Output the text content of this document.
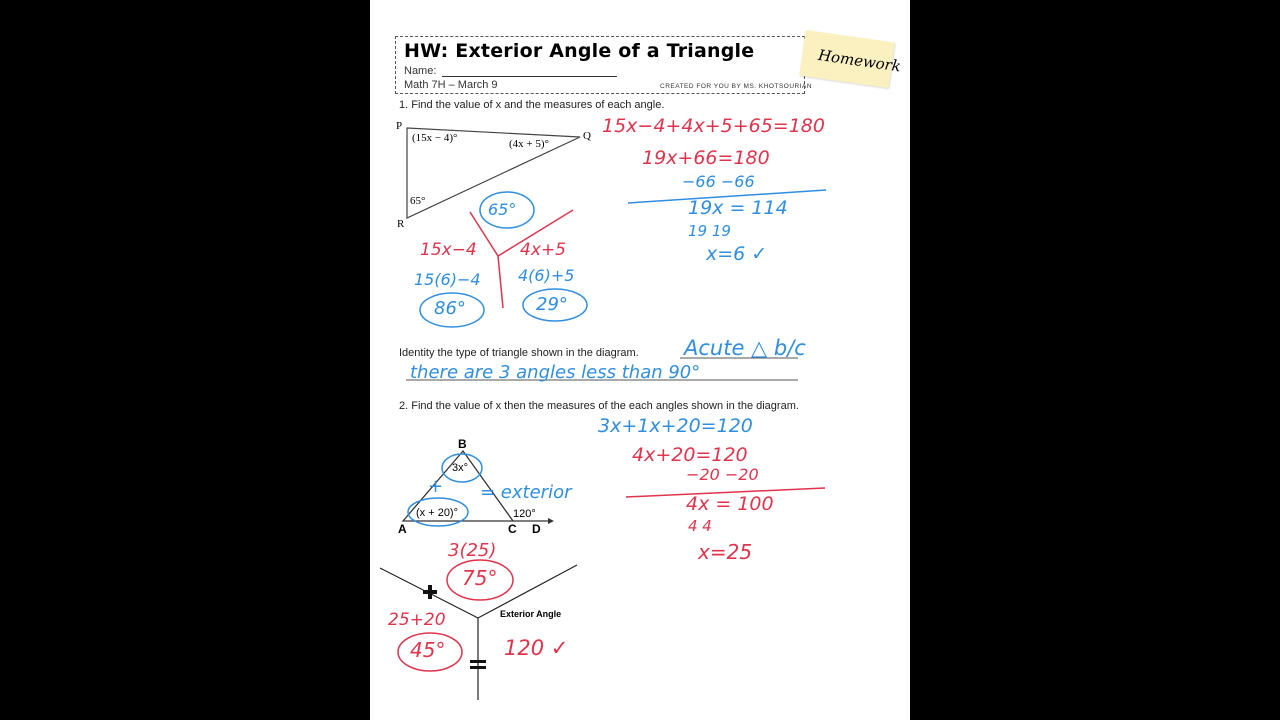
HW: Exterior Angle of a Triangle
Name:
Math 7H – March 9	CREATED FOR YOU BY MS. KHOTSOURIAN
Homework
1. Find the value of x and the measures of each angle.
P
Q
R
(15x − 4)°	(4x + 5)°
65°
15x−4+4x+5+65=180
19x+66=180
−66 −66
19x = 114
19 19
x=6 ✓
65°
15x−4	4x+5
15(6)−4 4(6)+5
86°	29°
Identity the type of triangle shown in the diagram. Acute △ b/c
there are 3 angles less than 90°
2. Find the value of x then the measures of the each angles shown in the diagram.
B
A	C D
3x°
(x + 20)°	120°
+ = exterior
3x+1x+20=120
4x+20=120
−20 −20
4x = 100
4 4
x=25
3(25)
75°
25+20
45°
Exterior Angle
120 ✓
